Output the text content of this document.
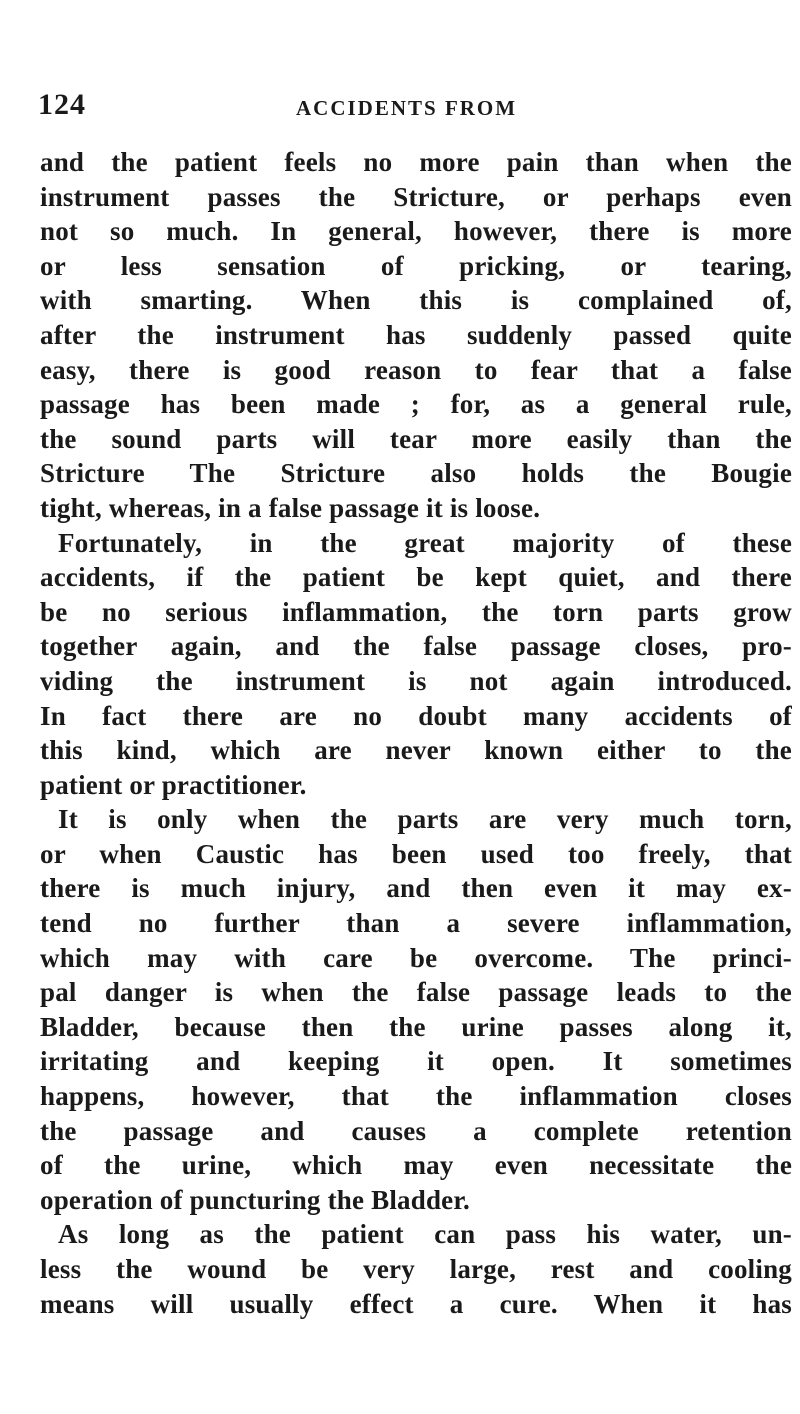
124	ACCIDENTS FROM
and the patient feels no more pain than when the
instrument passes the Stricture, or perhaps even
not so much. In general, however, there is more
or less sensation of pricking, or tearing,
with smarting. When this is complained of,
after the instrument has suddenly passed quite
easy, there is good reason to fear that a false
passage has been made ; for, as a general rule,
the sound parts will tear more easily than the
Stricture The Stricture also holds the Bougie
tight, whereas, in a false passage it is loose.
Fortunately, in the great majority of these
accidents, if the patient be kept quiet, and there
be no serious inflammation, the torn parts grow
together again, and the false passage closes, pro-
viding the instrument is not again introduced.
In fact there are no doubt many accidents of
this kind, which are never known either to the
patient or practitioner.
It is only when the parts are very much torn,
or when Caustic has been used too freely, that
there is much injury, and then even it may ex-
tend no further than a severe inflammation,
which may with care be overcome. The princi-
pal danger is when the false passage leads to the
Bladder, because then the urine passes along it,
irritating and keeping it open. It sometimes
happens, however, that the inflammation closes
the passage and causes a complete retention
of the urine, which may even necessitate the
operation of puncturing the Bladder.
As long as the patient can pass his water, un-
less the wound be very large, rest and cooling
means will usually effect a cure. When it has
